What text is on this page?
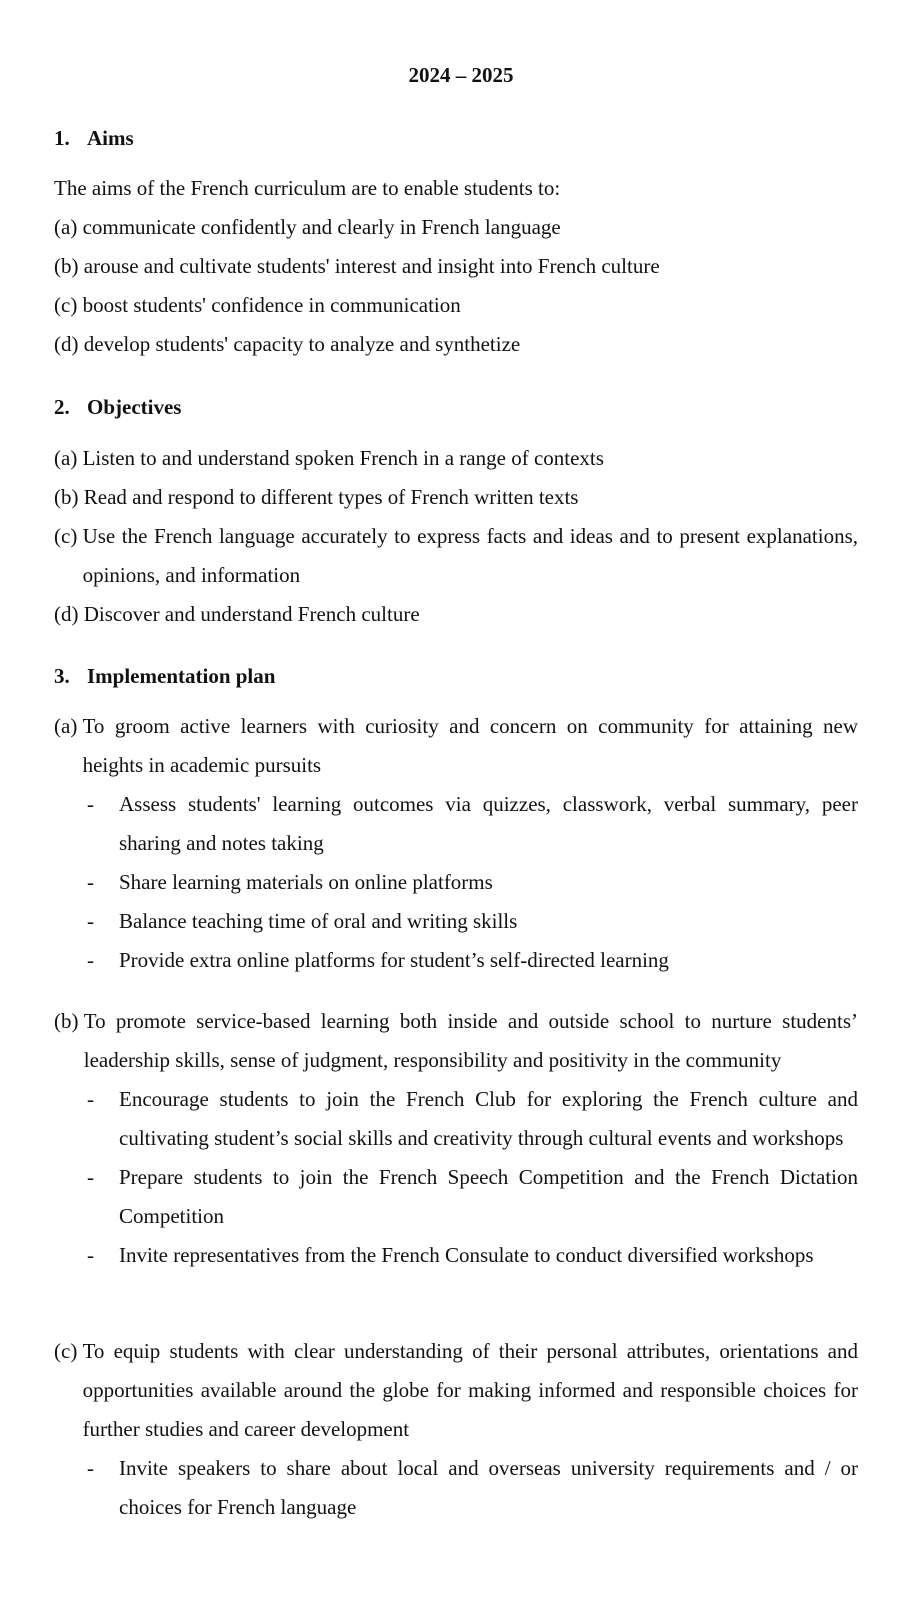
2024 – 2025
1. Aims
The aims of the French curriculum are to enable students to:
(a) communicate confidently and clearly in French language
(b) arouse and cultivate students' interest and insight into French culture
(c) boost students' confidence in communication
(d) develop students' capacity to analyze and synthetize
2. Objectives
(a) Listen to and understand spoken French in a range of contexts
(b) Read and respond to different types of French written texts
(c) Use the French language accurately to express facts and ideas and to present explanations, opinions, and information
(d) Discover and understand French culture
3. Implementation plan
(a) To groom active learners with curiosity and concern on community for attaining new heights in academic pursuits
-	Assess students' learning outcomes via quizzes, classwork, verbal summary, peer sharing and notes taking
-	Share learning materials on online platforms
-	Balance teaching time of oral and writing skills
-	Provide extra online platforms for student’s self-directed learning
(b) To promote service-based learning both inside and outside school to nurture students’ leadership skills, sense of judgment, responsibility and positivity in the community
-	Encourage students to join the French Club for exploring the French culture and cultivating student’s social skills and creativity through cultural events and workshops
-	Prepare students to join the French Speech Competition and the French Dictation Competition
-	Invite representatives from the French Consulate to conduct diversified workshops
(c) To equip students with clear understanding of their personal attributes, orientations and opportunities available around the globe for making informed and responsible choices for further studies and career development
-	Invite speakers to share about local and overseas university requirements and / or choices for French language
